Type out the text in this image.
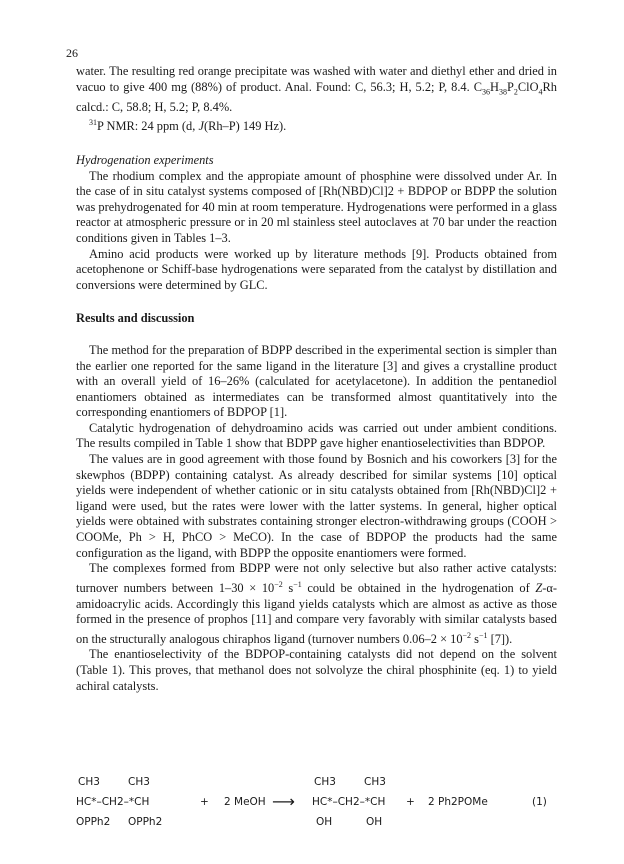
26

water. The resulting red orange precipitate was washed with water and diethyl ether and dried in vacuo to give 400 mg (88%) of product. Anal. Found: C, 56.3; H, 5.2; P, 8.4. $C_{36}H_{38}P_2ClO_4Rh$ calcd.: C, 58.8; H, 5.2; P, 8.4%.

$^{31}$P NMR: 24 ppm (d, J(Rh–P) 149 Hz).

Hydrogenation experiments

The rhodium complex and the appropiate amount of phosphine were dissolved under Ar. In the case of in situ catalyst systems composed of [Rh(NBD)Cl]2 + BDPOP or BDPP the solution was prehydrogenated for 40 min at room temperature. Hydrogenations were performed in a glass reactor at atmospheric pressure or in 20 ml stainless steel autoclaves at 70 bar under the reaction conditions given in Tables 1–3.

Amino acid products were worked up by literature methods [9]. Products obtained from acetophenone or Schiff-base hydrogenations were separated from the catalyst by distillation and conversions were determined by GLC.

Results and discussion

The method for the preparation of BDPP described in the experimental section is simpler than the earlier one reported for the same ligand in the literature [3] and gives a crystalline product with an overall yield of 16–26% (calculated for acetylacetone). In addition the pentanediol enantiomers obtained as intermediates can be transformed almost quantitatively into the corresponding enantiomers of BDPOP [1].

Catalytic hydrogenation of dehydroamino acids was carried out under ambient conditions. The results compiled in Table 1 show that BDPP gave higher enantioselectivities than BDPOP.

The values are in good agreement with those found by Bosnich and his coworkers [3] for the skewphos (BDPP) containing catalyst. As already described for similar systems [10] optical yields were independent of whether cationic or in situ catalysts obtained from [Rh(NBD)Cl]2 + ligand were used, but the rates were lower with the latter systems. In general, higher optical yields were obtained with substrates containing stronger electron-withdrawing groups (COOH > COOMe, Ph > H, PhCO > MeCO). In the case of BDPOP the products had the same configuration as the ligand, with BDPP the opposite enantiomers were formed.

The complexes formed from BDPP were not only selective but also rather active catalysts: turnover numbers between $1-30 \times 10^{-2}$ $s^{-1}$ could be obtained in the hydrogenation of Z-α-amidoacrylic acids. Accordingly this ligand yields catalysts which are almost as active as those formed in the presence of prophos [11] and compare very favorably with similar catalysts based on the structurally analogous chiraphos ligand (turnover numbers $0.06-2 \times 10^{-2}$ $s^{-1}$ [7]).

The enantioselectivity of the BDPOP-containing catalysts did not depend on the solvent (Table 1). This proves, that methanol does not solvolyze the chiral phosphinite (eq. 1) to yield achiral catalysts.

CH3	CH3
HC*–CH2–*CH
OPPh2 OPPh2
+ 2 MeOH ⟶
CH3	CH3
HC*–CH2–*CH
OH	OH
+ 2 Ph2POMe	(1)
